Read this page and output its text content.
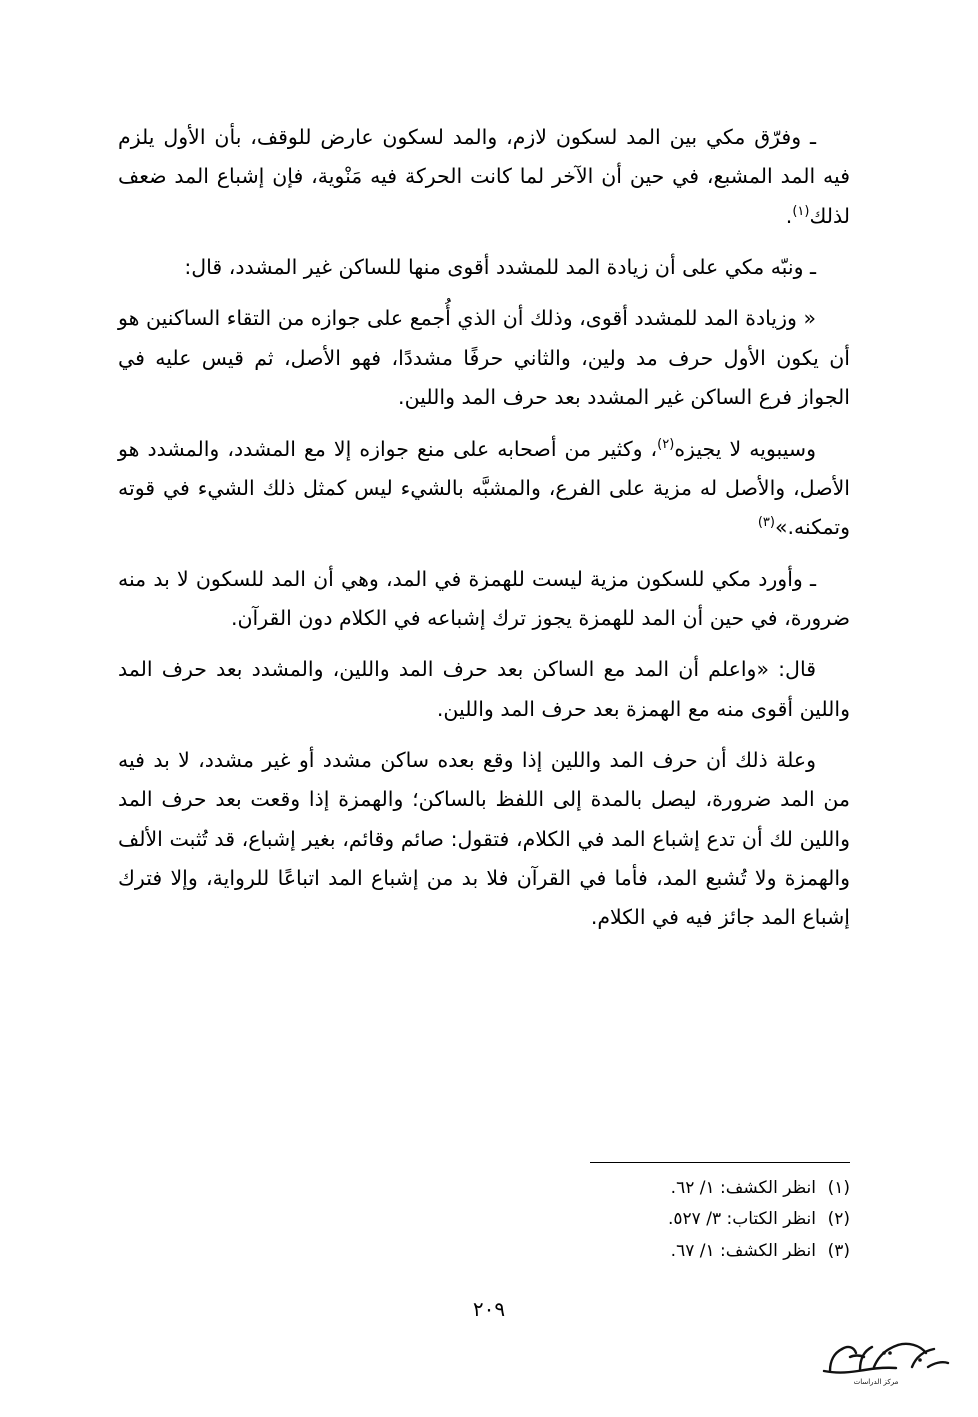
ـ وفرّق مكي بين المد لسكون لازم، والمد لسكون عارض للوقف، بأن الأول يلزم فيه المد المشبع، في حين أن الآخر لما كانت الحركة فيه مَنْوية، فإن إشباع المد ضعف لذلك$^{(١)}$.

ـ ونبّه مكي على أن زيادة المد للمشدد أقوى منها للساكن غير المشدد، قال:

« وزيادة المد للمشدد أقوى، وذلك أن الذي أُجمع على جوازه من التقاء الساكنين هو أن يكون الأول حرف مد ولين، والثاني حرفًا مشددًا، فهو الأصل، ثم قيس عليه في الجواز فرع الساكن غير المشدد بعد حرف المد واللين.

وسيبويه لا يجيزه$^{(٢)}$، وكثير من أصحابه على منع جوازه إلا مع المشدد، والمشدد هو الأصل، والأصل له مزية على الفرع، والمشبَّه بالشيء ليس كمثل ذلك الشيء في قوته وتمكنه.»$^{(٣)}$

ـ وأورد مكي للسكون مزية ليست للهمزة في المد، وهي أن المد للسكون لا بد منه ضرورة، في حين أن المد للهمزة يجوز ترك إشباعه في الكلام دون القرآن.

قال: «واعلم أن المد مع الساكن بعد حرف المد واللين، والمشدد بعد حرف المد واللين أقوى منه مع الهمزة بعد حرف المد واللين.

وعلة ذلك أن حرف المد واللين إذا وقع بعده ساكن مشدد أو غير مشدد، لا بد فيه من المد ضرورة، ليصل بالمدة إلى اللفظ بالساكن؛ والهمزة إذا وقعت بعد حرف المد واللين لك أن تدع إشباع المد في الكلام، فتقول: صائم وقائم، بغير إشباع، قد تُثبت الألف والهمزة ولا تُشبع المد، فأما في القرآن فلا بد من إشباع المد اتباعًا للرواية، وإلا فترك إشباع المد جائز فيه في الكلام.

(١)انظر الكشف: ١/ ٦٢.

(٢)انظر الكتاب: ٣/ ٥٢٧.

(٣)انظر الكشف: ١/ ٦٧.

٢٠٩
مركز الدراسات
